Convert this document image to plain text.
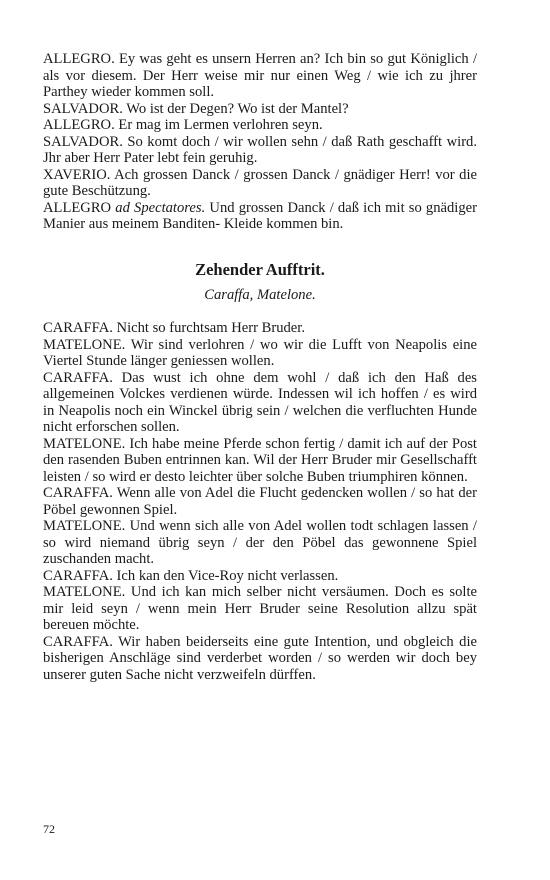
ALLEGRO. Ey was geht es unsern Herren an? Ich bin so gut Königlich / als vor diesem. Der Herr weise mir nur einen Weg / wie ich zu jhrer Parthey wieder kommen soll.

SALVADOR. Wo ist der Degen? Wo ist der Mantel?

ALLEGRO. Er mag im Lermen verlohren seyn.

SALVADOR. So komt doch / wir wollen sehn / daß Rath geschafft wird. Jhr aber Herr Pater lebt fein geruhig.

XAVERIO. Ach grossen Danck / grossen Danck / gnädiger Herr! vor die gute Beschützung.

ALLEGRO ad Spectatores. Und grossen Danck / daß ich mit so gnädiger Manier aus meinem Banditen- Kleide kommen bin.

Zehender Aufftrit.
Caraffa, Matelone.

CARAFFA. Nicht so furchtsam Herr Bruder.

MATELONE. Wir sind verlohren / wo wir die Lufft von Neapolis eine Viertel Stunde länger geniessen wollen.

CARAFFA. Das wust ich ohne dem wohl / daß ich den Haß des allgemeinen Volckes verdienen würde. Indessen wil ich hoffen / es wird in Neapolis noch ein Winckel übrig sein / welchen die verfluchten Hunde nicht erforschen sollen.

MATELONE. Ich habe meine Pferde schon fertig / damit ich auf der Post den rasenden Buben entrinnen kan. Wil der Herr Bruder mir Gesellschafft leisten / so wird er desto leichter über solche Buben triumphiren können.

CARAFFA. Wenn alle von Adel die Flucht gedencken wollen / so hat der Pöbel gewonnen Spiel.

MATELONE. Und wenn sich alle von Adel wollen todt schlagen lassen / so wird niemand übrig seyn / der den Pöbel das gewonnene Spiel zuschanden macht.

CARAFFA. Ich kan den Vice-Roy nicht verlassen.

MATELONE. Und ich kan mich selber nicht versäumen. Doch es solte mir leid seyn / wenn mein Herr Bruder seine Resolution allzu spät bereuen möchte.

CARAFFA. Wir haben beiderseits eine gute Intention, und obgleich die bisherigen Anschläge sind verderbet worden / so werden wir doch bey unserer guten Sache nicht verzweifeln dürffen.

72
